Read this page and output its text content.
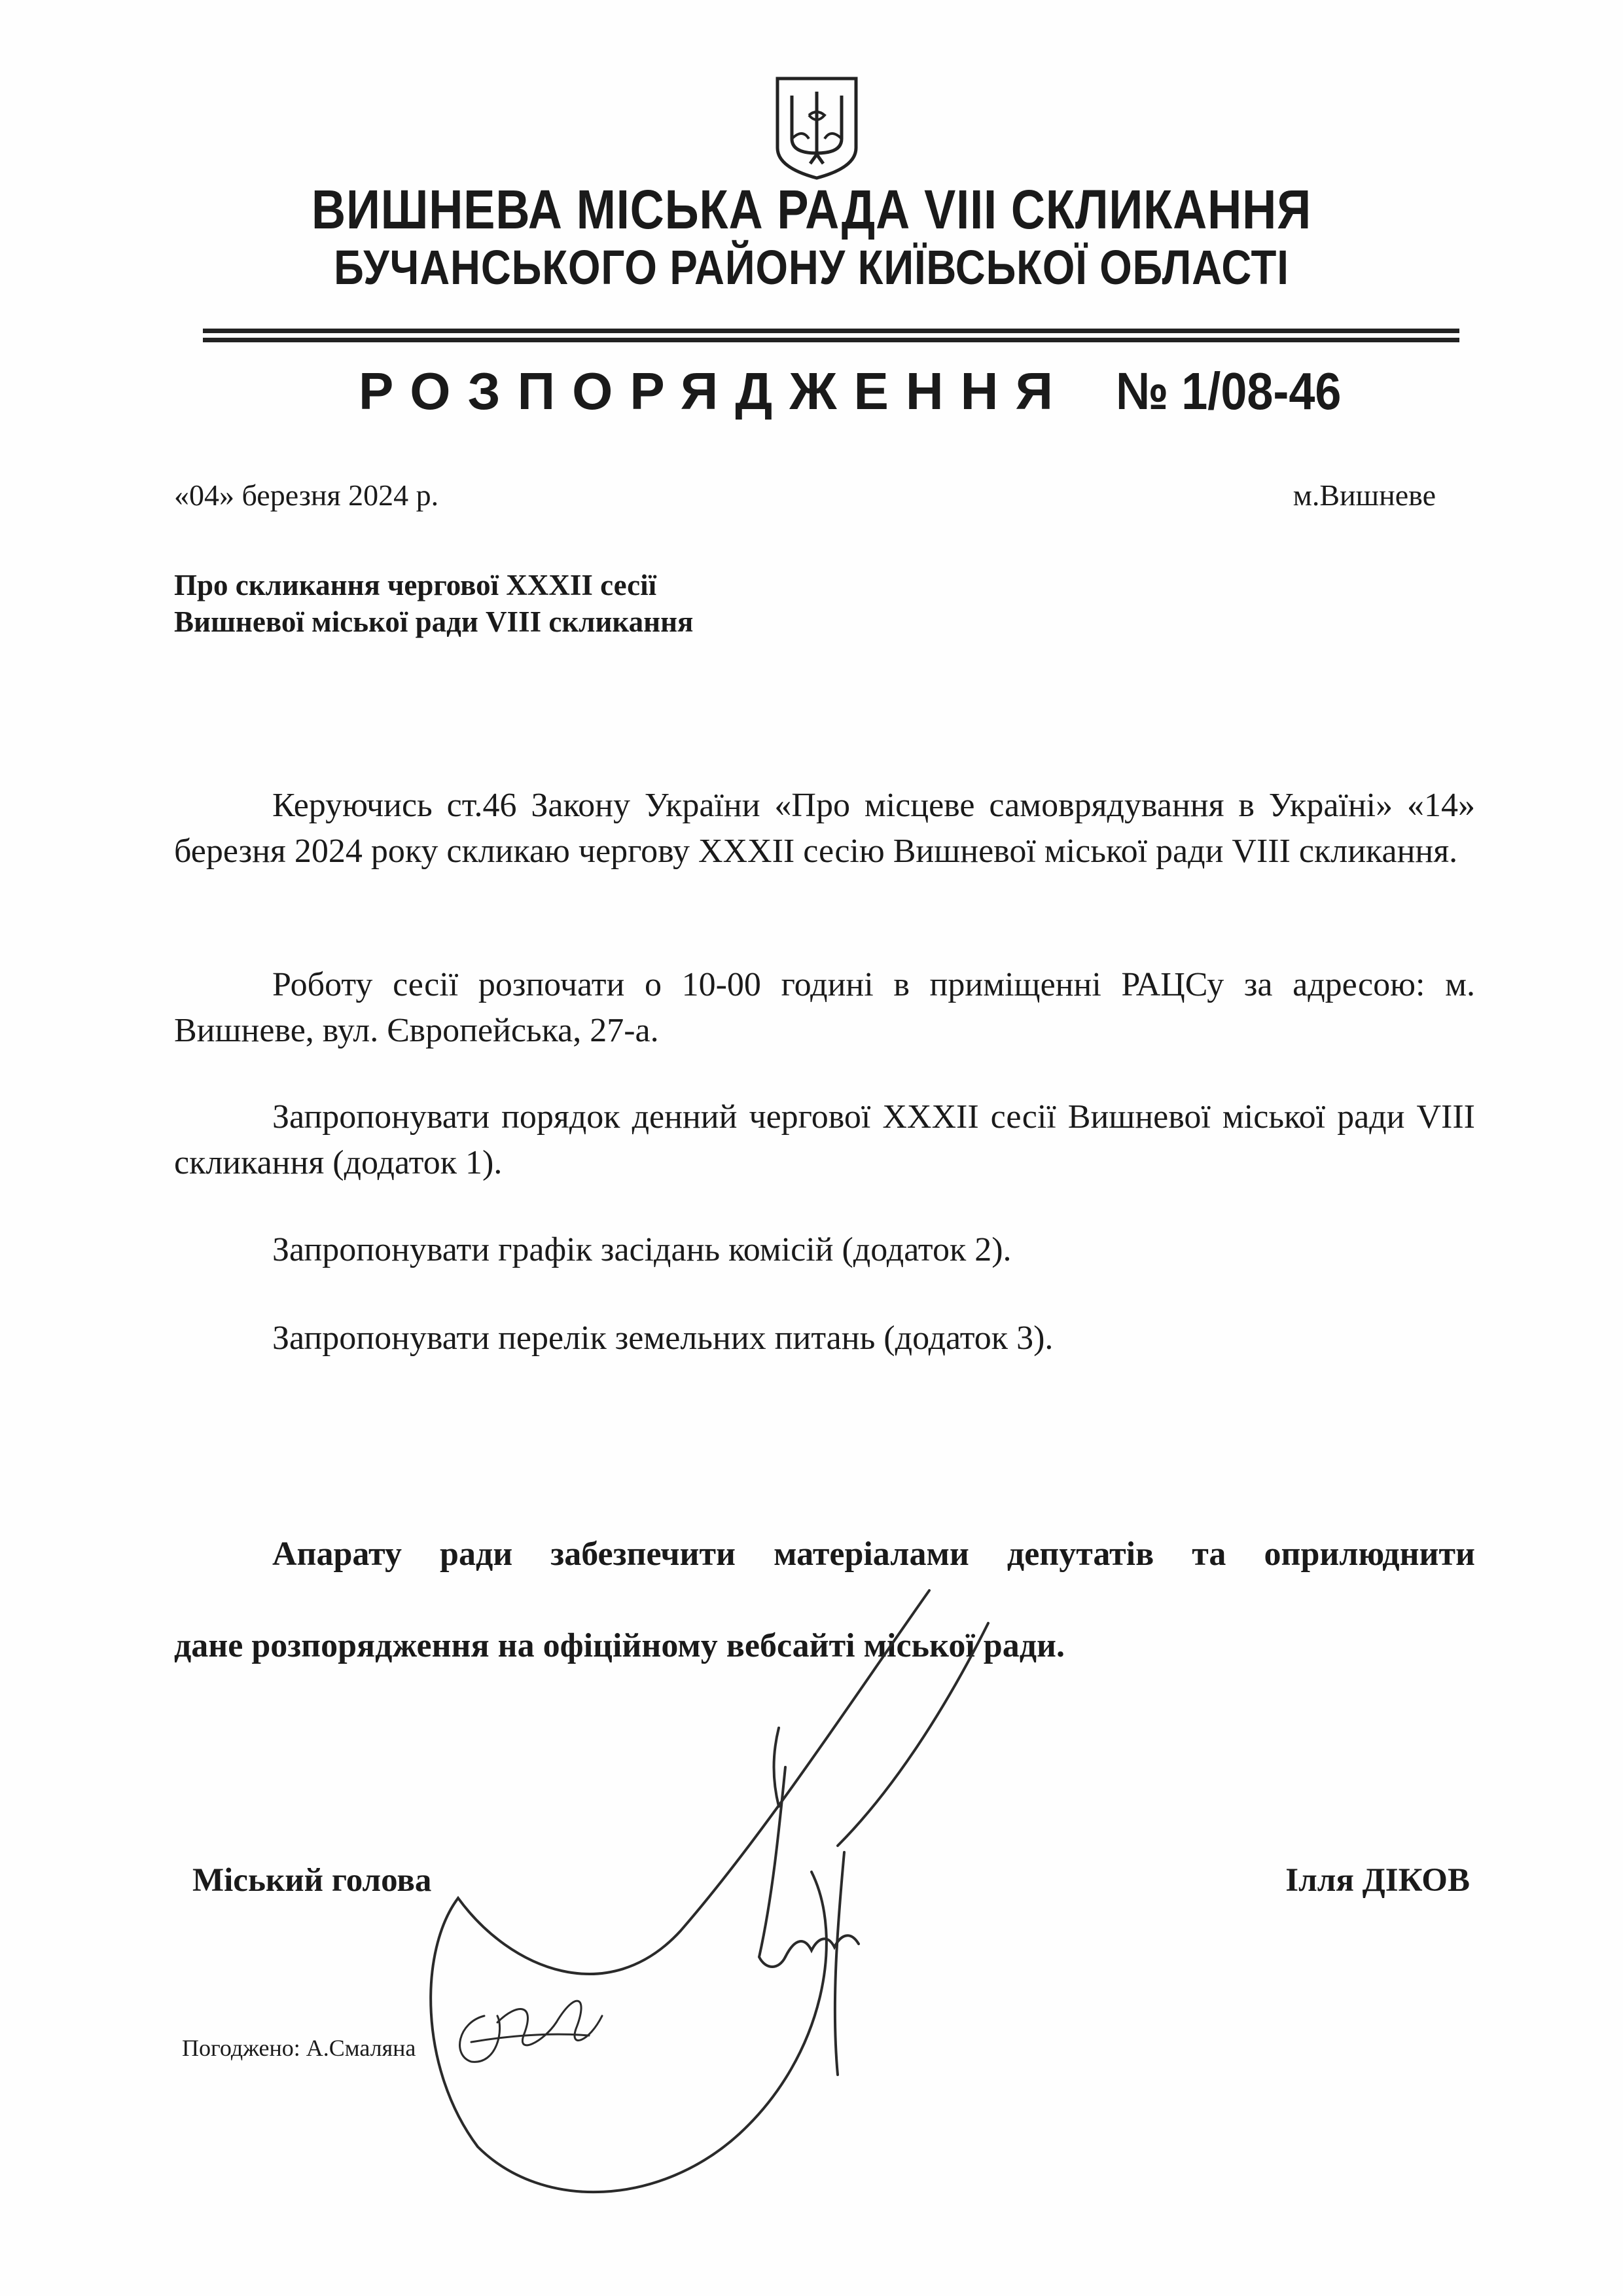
ВИШНЕВА МІСЬКА РАДА VIII СКЛИКАННЯ
БУЧАНСЬКОГО РАЙОНУ КИЇВСЬКОЇ ОБЛАСТІ
РОЗПОРЯДЖЕННЯ № 1/08-46
«04» березня 2024 р.	м.Вишневе
Про скликання чергової XXXII сесії
Вишневої міської ради VIII скликання
Керуючись ст.46 Закону України «Про місцеве самоврядування в Україні» «14» березня 2024 року скликаю чергову XXXII сесію Вишневої міської ради VIII скликання.
Роботу сесії розпочати о 10-00 годині в приміщенні РАЦСу за адресою: м. Вишневе, вул. Європейська, 27-а.
Запропонувати порядок денний чергової XXXII сесії Вишневої міської ради VIII скликання (додаток 1).
Запропонувати графік засідань комісій (додаток 2).
Запропонувати перелік земельних питань (додаток 3).
Апарату ради забезпечити матеріалами депутатів та оприлюднити
дане розпорядження на офіційному вебсайті міської ради.
Міський голова	Ілля ДІКОВ
Погоджено: А.Смаляна
